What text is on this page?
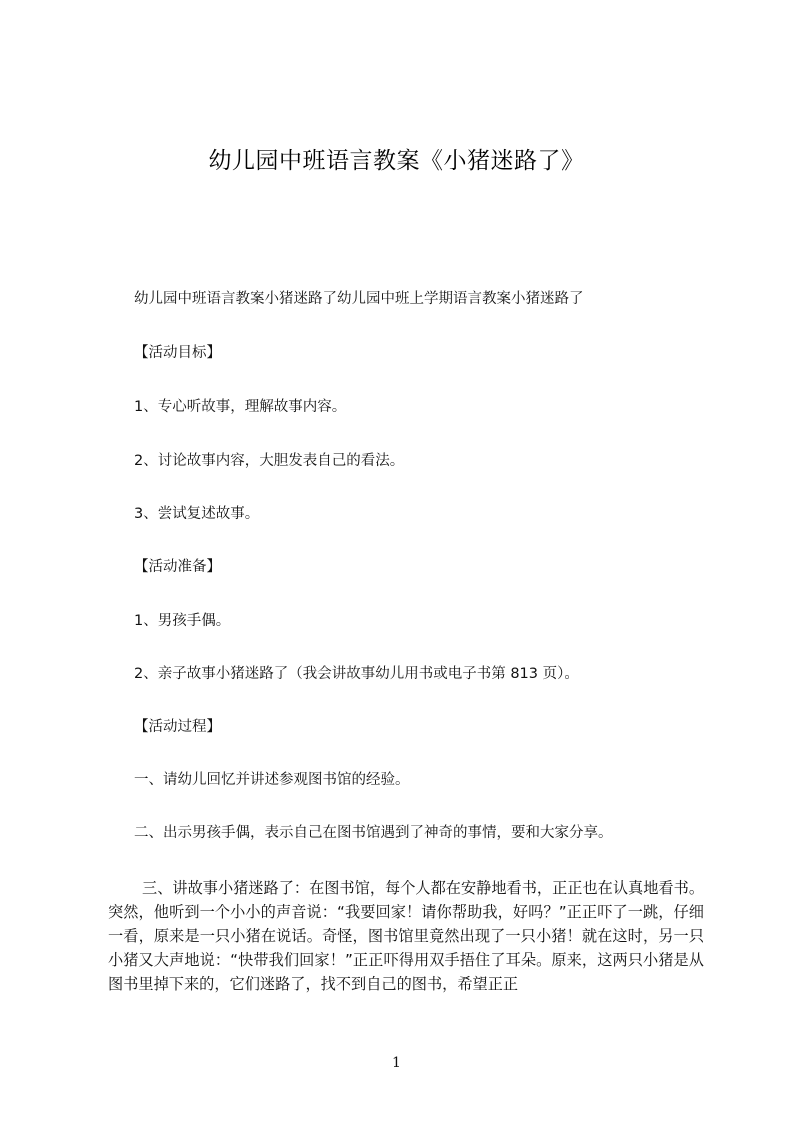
幼儿园中班语言教案《小猪迷路了》
幼儿园中班语言教案小猪迷路了幼儿园中班上学期语言教案小猪迷路了
【活动目标】
1、专心听故事，理解故事内容。
2、讨论故事内容，大胆发表自己的看法。
3、尝试复述故事。
【活动准备】
1、男孩手偶。
2、亲子故事小猪迷路了（我会讲故事幼儿用书或电子书第 813 页）。
【活动过程】
一、请幼儿回忆并讲述参观图书馆的经验。
二、出示男孩手偶，表示自己在图书馆遇到了神奇的事情，要和大家分享。
三、讲故事小猪迷路了：在图书馆，每个人都在安静地看书，正正也在认真地看书。突然，他听到一个小小的声音说：“我要回家！请你帮助我，好吗？”正正吓了一跳，仔细一看，原来是一只小猪在说话。奇怪，图书馆里竟然出现了一只小猪！就在这时，另一只小猪又大声地说：“快带我们回家！”正正吓得用双手捂住了耳朵。原来，这两只小猪是从图书里掉下来的，它们迷路了，找不到自己的图书，希望正正
1
